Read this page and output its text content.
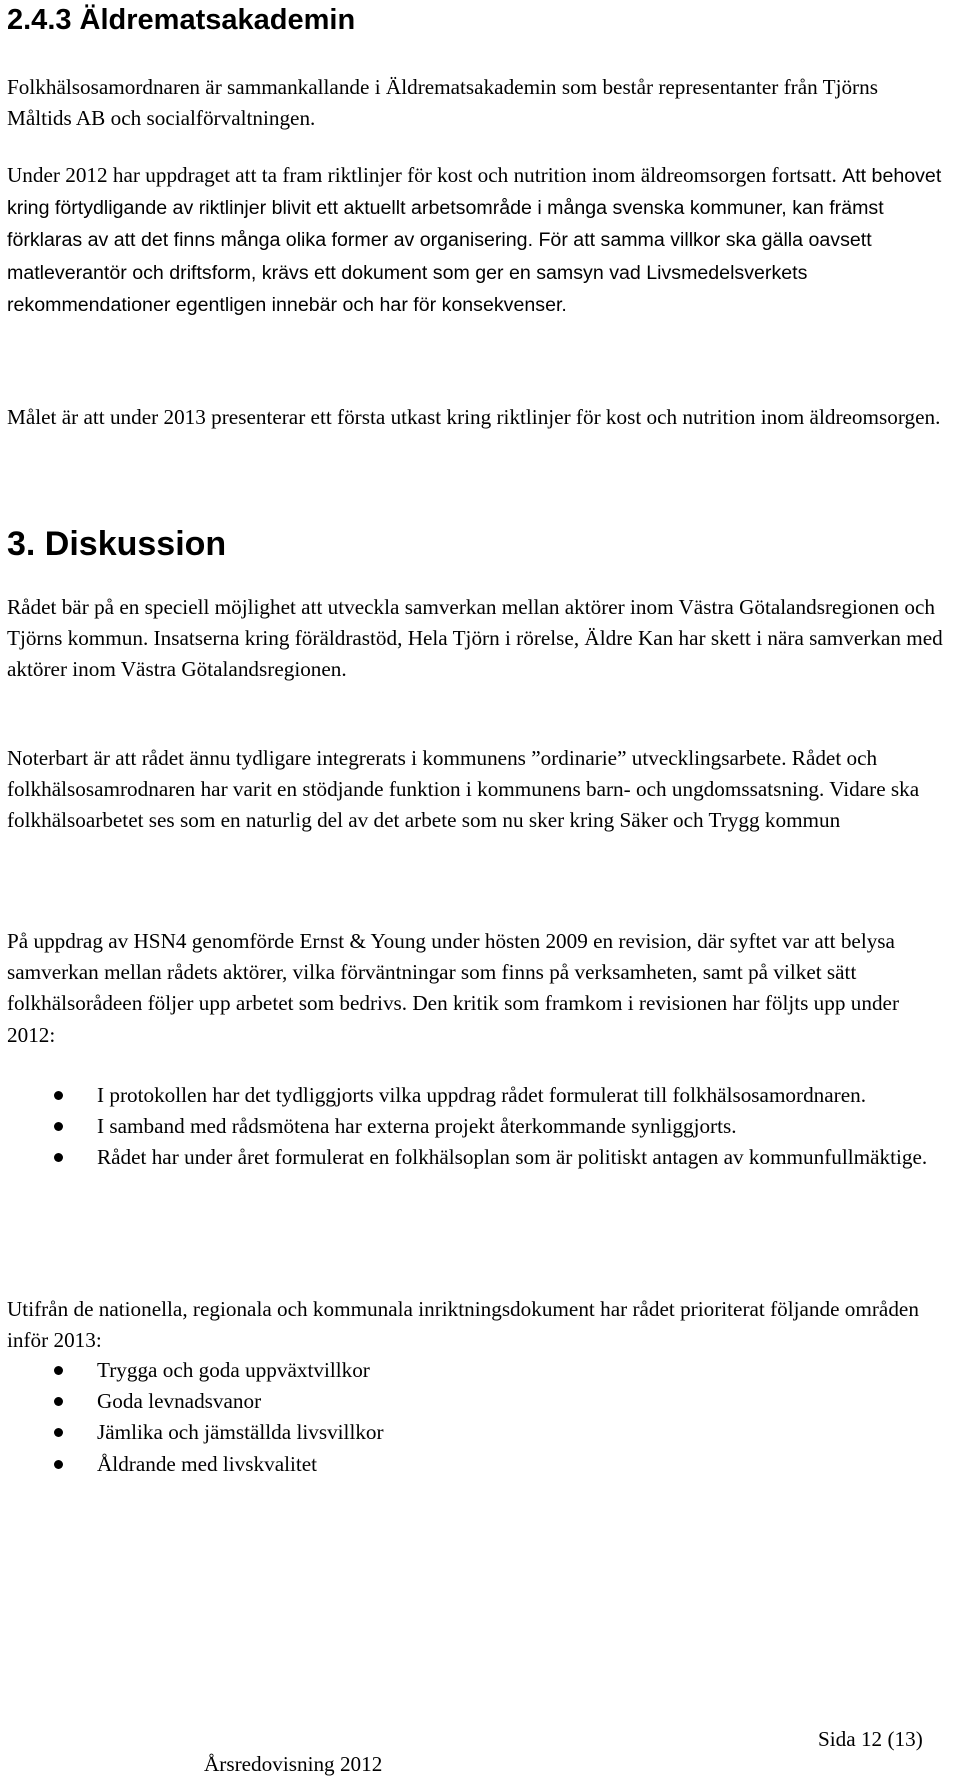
2.4.3 Äldrematsakademin

Folkhälsosamordnaren är sammankallande i Äldrematsakademin som består representanter från Tjörns Måltids AB och socialförvaltningen.

Under 2012 har uppdraget att ta fram riktlinjer för kost och nutrition inom äldreomsorgen fortsatt. Att behovet kring förtydligande av riktlinjer blivit ett aktuellt arbetsområde i många svenska kommuner, kan främst förklaras av att det finns många olika former av organisering. För att samma villkor ska gälla oavsett matleverantör och driftsform, krävs ett dokument som ger en samsyn vad Livsmedelsverkets rekommendationer egentligen innebär och har för konsekvenser.

Målet är att under 2013 presenterar ett första utkast kring riktlinjer för kost och nutrition inom äldreomsorgen.

3. Diskussion

Rådet bär på en speciell möjlighet att utveckla samverkan mellan aktörer inom Västra Götalandsregionen och Tjörns kommun. Insatserna kring föräldrastöd, Hela Tjörn i rörelse, Äldre Kan har skett i nära samverkan med aktörer inom Västra Götalandsregionen.

Noterbart är att rådet ännu tydligare integrerats i kommunens ”ordinarie” utvecklingsarbete. Rådet och folkhälsosamrodnaren har varit en stödjande funktion i kommunens barn- och ungdomssatsning. Vidare ska folkhälsoarbetet ses som en naturlig del av det arbete som nu sker kring Säker och Trygg kommun

På uppdrag av HSN4 genomförde Ernst & Young under hösten 2009 en revision, där syftet var att belysa samverkan mellan rådets aktörer, vilka förväntningar som finns på verksamheten, samt på vilket sätt folkhälsorådeen följer upp arbetet som bedrivs. Den kritik som framkom i revisionen har följts upp under 2012:

I protokollen har det tydliggjorts vilka uppdrag rådet formulerat till folkhälsosamordnaren.
I samband med rådsmötena har externa projekt återkommande synliggjorts.
Rådet har under året formulerat en folkhälsoplan som är politiskt antagen av kommunfullmäktige.

Utifrån de nationella, regionala och kommunala inriktningsdokument har rådet prioriterat följande områden inför 2013:

Trygga och goda uppväxtvillkor
Goda levnadsvanor
Jämlika och jämställda livsvillkor
Åldrande med livskvalitet
Sida 12 (13)
Årsredovisning 2012
